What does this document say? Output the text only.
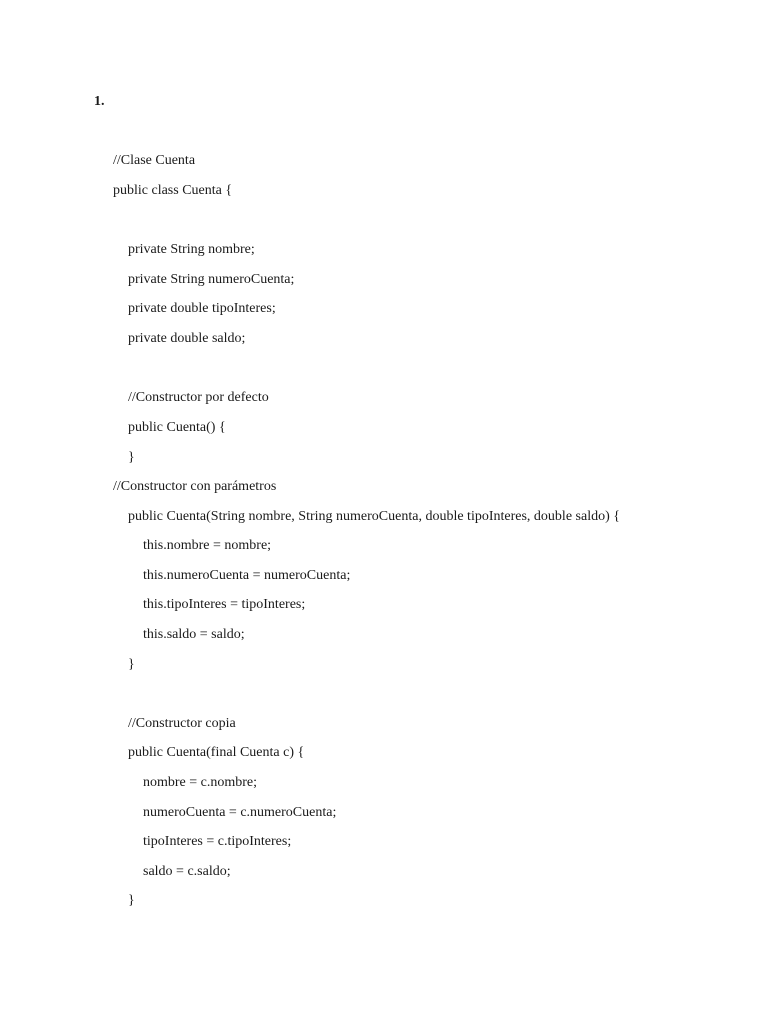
1.
//Clase Cuenta
public class Cuenta {
private String nombre;
private String numeroCuenta;
private double tipoInteres;
private double saldo;
//Constructor por defecto
public Cuenta() {
}
//Constructor con parámetros
public Cuenta(String nombre, String numeroCuenta, double tipoInteres, double saldo) {
this.nombre = nombre;
this.numeroCuenta = numeroCuenta;
this.tipoInteres = tipoInteres;
this.saldo = saldo;
}
//Constructor copia
public Cuenta(final Cuenta c) {
nombre = c.nombre;
numeroCuenta = c.numeroCuenta;
tipoInteres = c.tipoInteres;
saldo = c.saldo;
}
